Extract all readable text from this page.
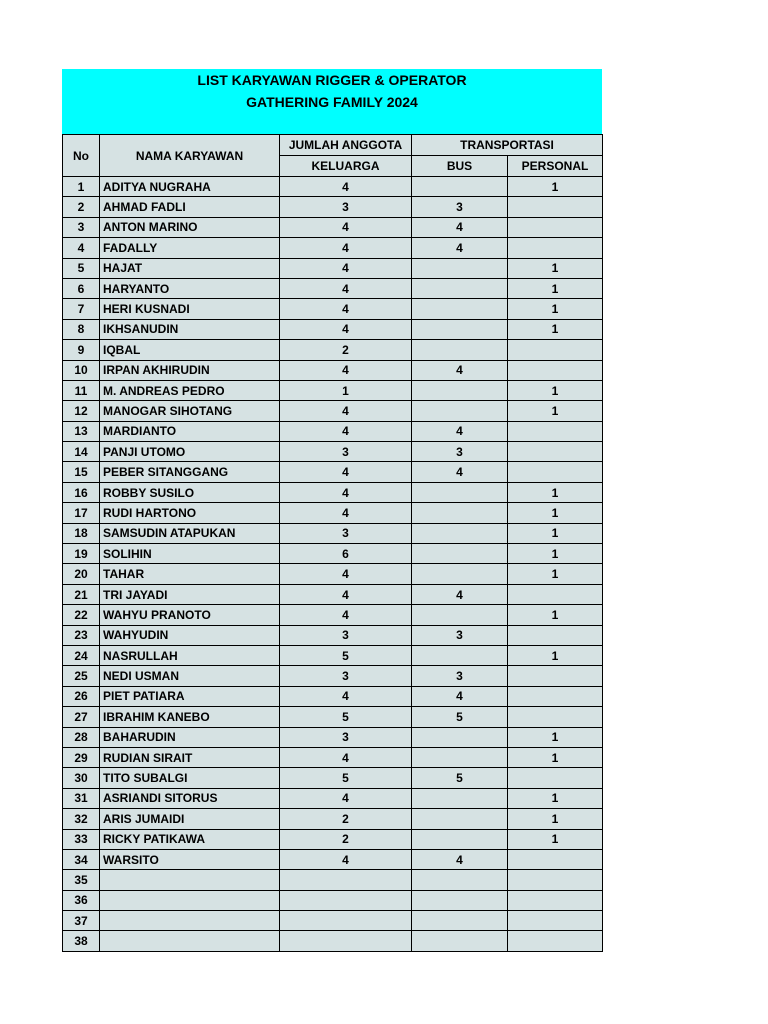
LIST KARYAWAN RIGGER & OPERATOR
GATHERING FAMILY 2024
No	NAMA KARYAWAN	JUMLAH ANGGOTA	TRANSPORTASI	
		KELUARGA	BUS	PERSONAL
1	ADITYA NUGRAHA	4		1
2	AHMAD FADLI	3	3	
3	ANTON MARINO	4	4	
4	FADALLY	4	4	
5	HAJAT	4		1
6	HARYANTO	4		1
7	HERI KUSNADI	4		1
8	IKHSANUDIN	4		1
9	IQBAL	2		
10	IRPAN AKHIRUDIN	4	4	
11	M. ANDREAS PEDRO	1		1
12	MANOGAR SIHOTANG	4		1
13	MARDIANTO	4	4	
14	PANJI UTOMO	3	3	
15	PEBER SITANGGANG	4	4	
16	ROBBY SUSILO	4		1
17	RUDI HARTONO	4		1
18	SAMSUDIN ATAPUKAN	3		1
19	SOLIHIN	6		1
20	TAHAR	4		1
21	TRI JAYADI	4	4	
22	WAHYU PRANOTO	4		1
23	WAHYUDIN	3	3	
24	NASRULLAH	5		1
25	NEDI USMAN	3	3	
26	PIET PATIARA	4	4	
27	IBRAHIM KANEBO	5	5	
28	BAHARUDIN	3		1
29	RUDIAN SIRAIT	4		1
30	TITO SUBALGI	5	5	
31	ASRIANDI SITORUS	4		1
32	ARIS JUMAIDI	2		1
33	RICKY PATIKAWA	2		1
34	WARSITO	4	4	
35				
36				
37				
38				
